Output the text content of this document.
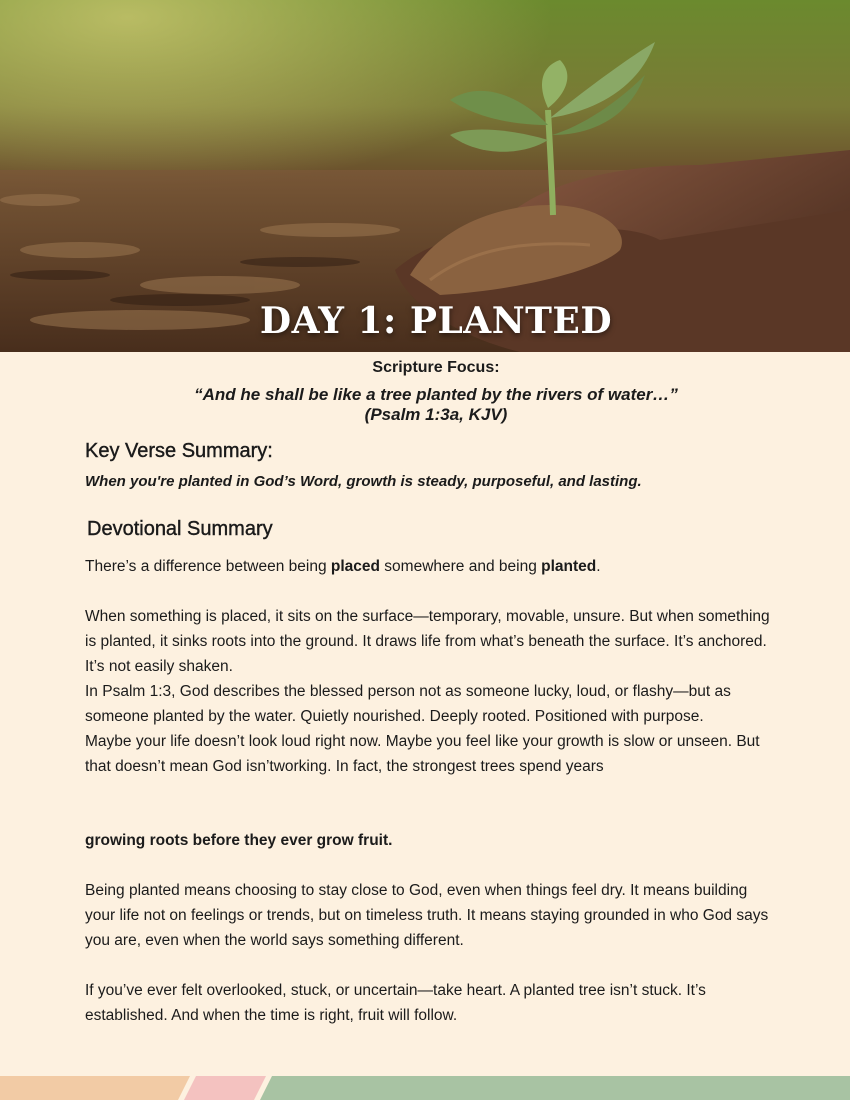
DAY 1: PLANTED
Scripture Focus:
“And he shall be like a tree planted by the rivers of water…”
(Psalm 1:3a, KJV)
Key Verse Summary:
When you're planted in God’s Word, growth is steady, purposeful, and lasting.
Devotional Summary

There’s a difference between being placed somewhere and being planted.

When something is placed, it sits on the surface—temporary, movable, unsure. But when something is planted, it sinks roots into the ground. It draws life from what’s beneath the surface. It’s anchored. It’s not easily shaken.

In Psalm 1:3, God describes the blessed person not as someone lucky, loud, or flashy—but as someone planted by the water. Quietly nourished. Deeply rooted. Positioned with purpose.

Maybe your life doesn’t look loud right now. Maybe you feel like your growth is slow or unseen. But that doesn’t mean God isn’tworking. In fact, the strongest trees spend years

growing roots before they ever grow fruit.
Being planted means choosing to stay close to God, even when things feel dry. It means building your life not on feelings or trends, but on timeless truth. It means staying grounded in who God says you are, even when the world says something different.
If you’ve ever felt overlooked, stuck, or uncertain—take heart. A planted tree isn’t stuck. It’s established. And when the time is right, fruit will follow.
